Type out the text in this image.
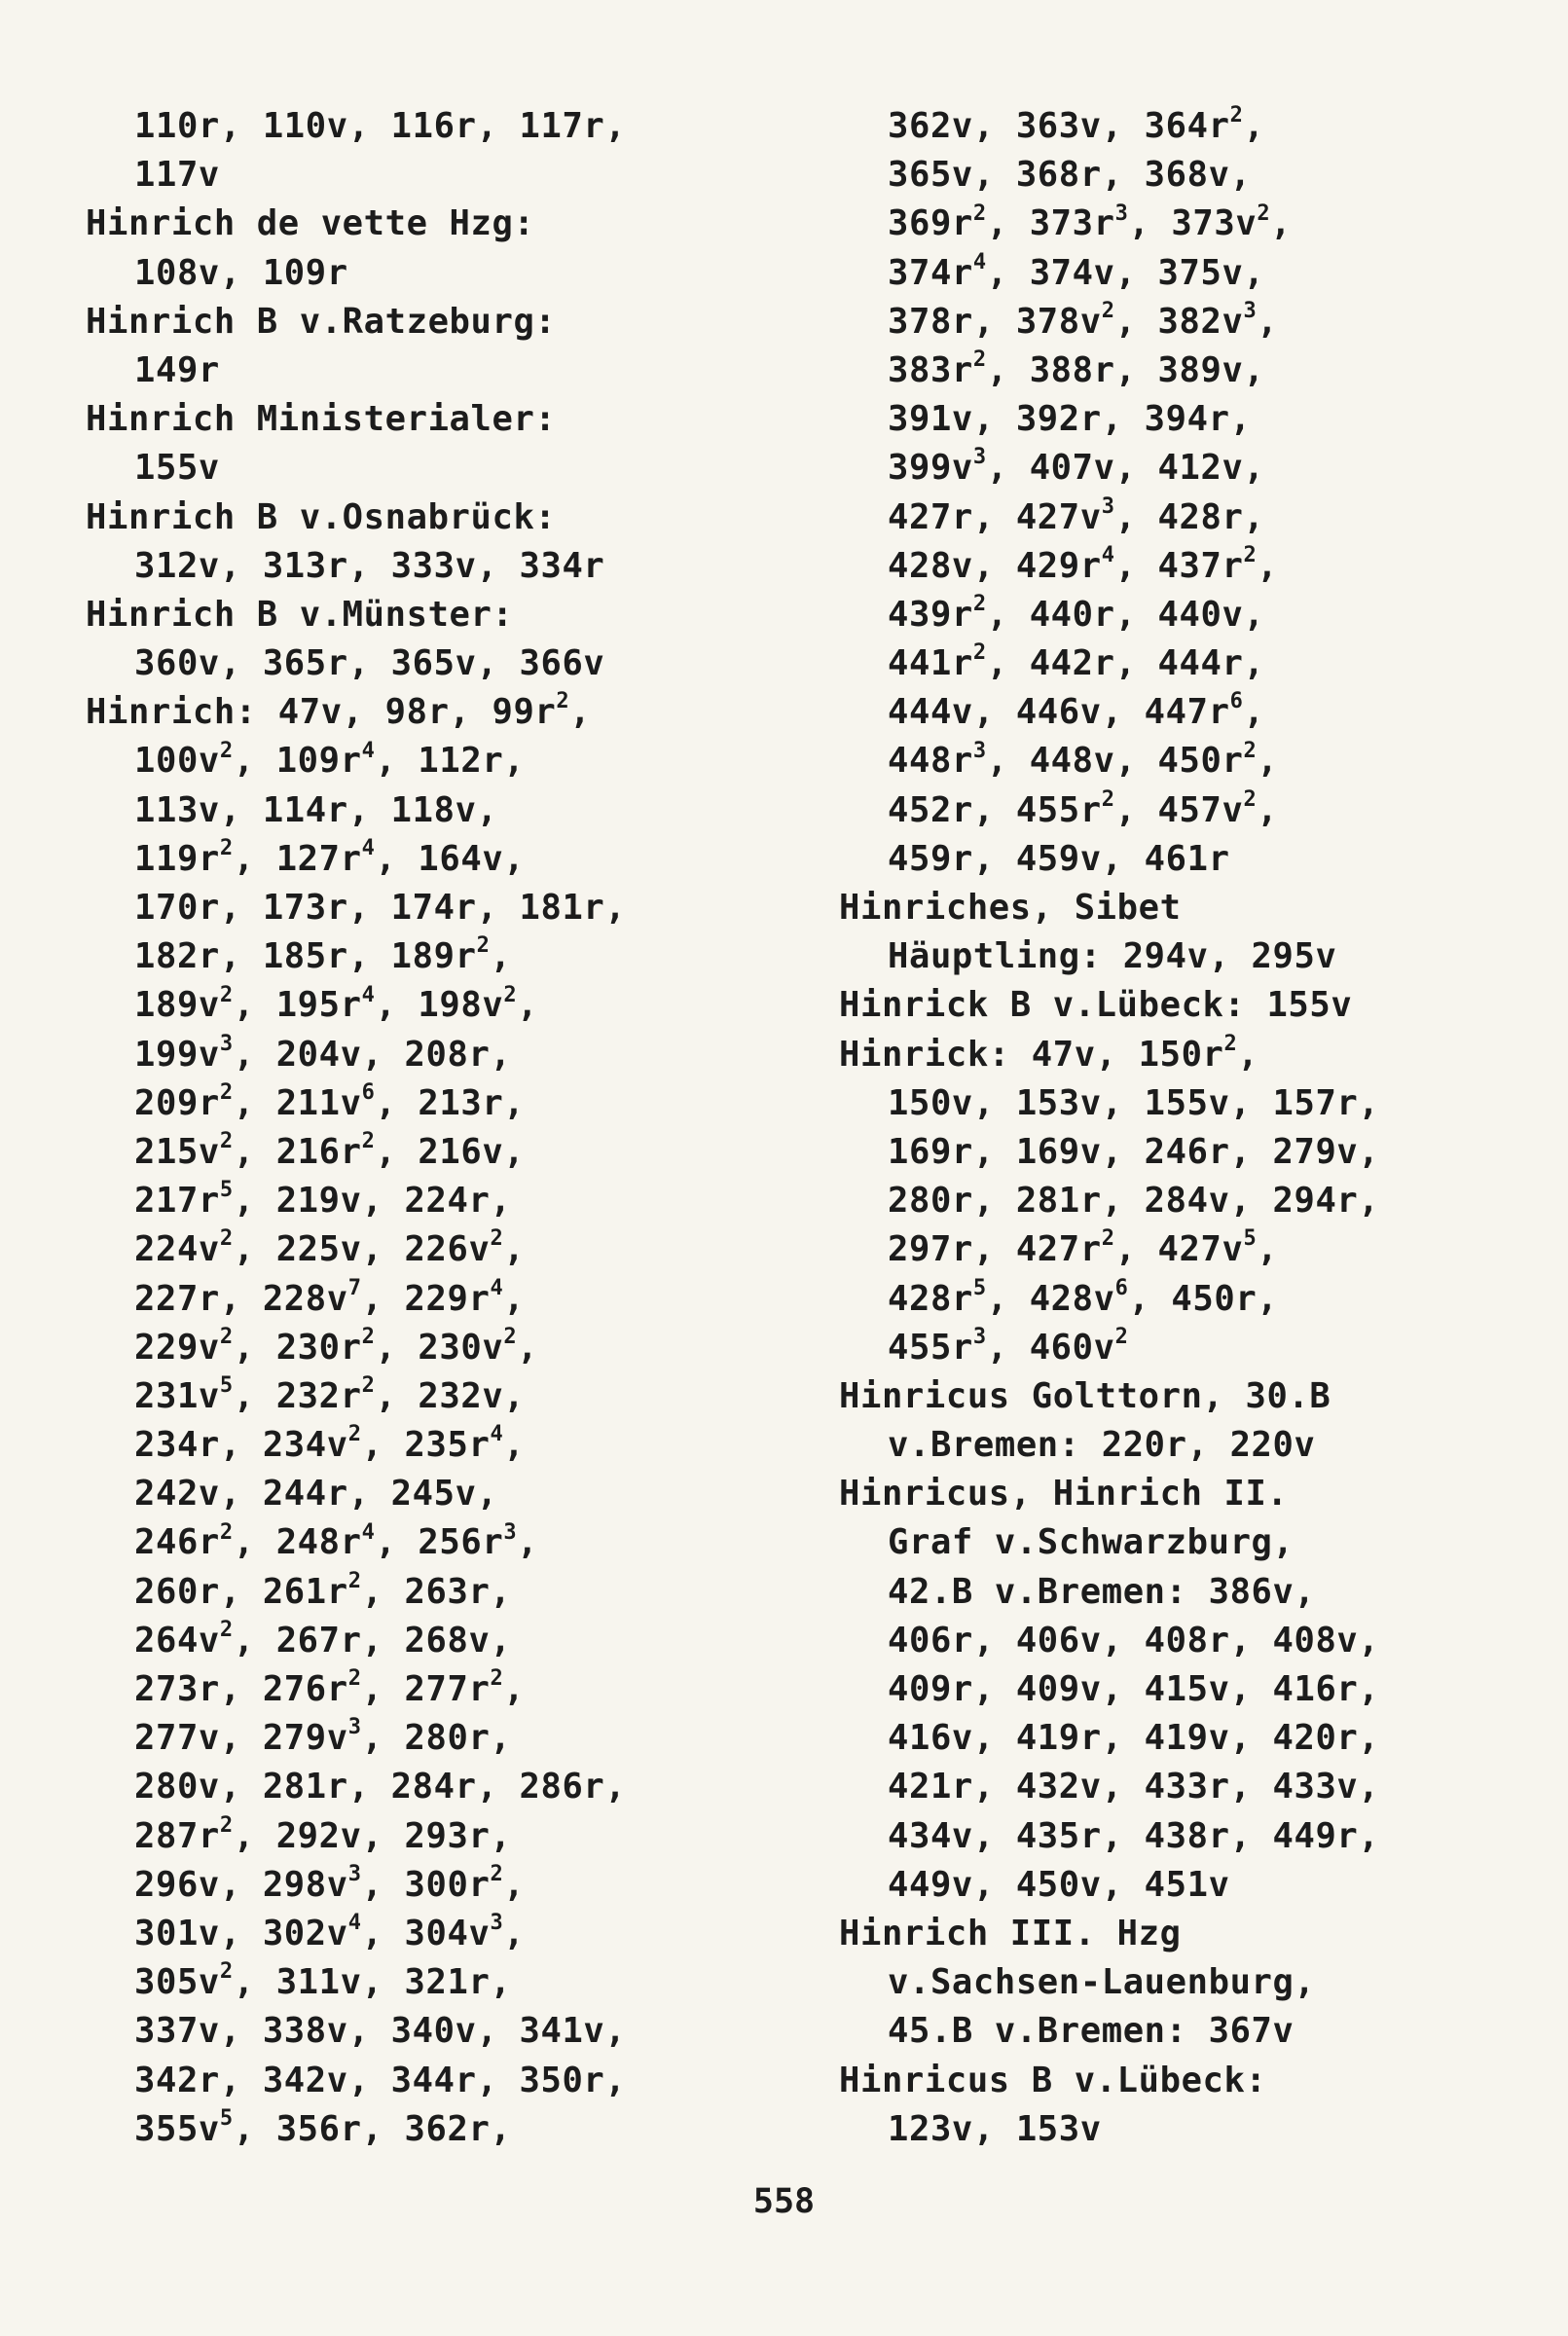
110r, 110v, 116r, 117r,
117v
Hinrich de vette Hzg:
108v, 109r
Hinrich B v.Ratzeburg:
149r
Hinrich Ministerialer:
155v
Hinrich B v.Osnabrück:
312v, 313r, 333v, 334r
Hinrich B v.Münster:
360v, 365r, 365v, 366v
Hinrich: 47v, 98r, $99r^2$,
$100v^2$, $109r^4$, 112r,
113v, 114r, 118v,
$119r^2$, $127r^4$, 164v,
170r, 173r, 174r, 181r,
182r, 185r, $189r^2$,
$189v^2$, $195r^4$, $198v^2$,
$199v^3$, 204v, 208r,
$209r^2$, $211v^6$, 213r,
$215v^2$, $216r^2$, 216v,
$217r^5$, 219v, 224r,
$224v^2$, 225v, $226v^2$,
227r, $228v^7$, $229r^4$,
$229v^2$, $230r^2$, $230v^2$,
$231v^5$, $232r^2$, 232v,
234r, $234v^2$, $235r^4$,
242v, 244r, 245v,
$246r^2$, $248r^4$, $256r^3$,
260r, $261r^2$, 263r,
$264v^2$, 267r, 268v,
273r, $276r^2$, $277r^2$,
277v, $279v^3$, 280r,
280v, 281r, 284r, 286r,
$287r^2$, 292v, 293r,
296v, $298v^3$, $300r^2$,
301v, $302v^4$, $304v^3$,
$305v^2$, 311v, 321r,
337v, 338v, 340v, 341v,
342r, 342v, 344r, 350r,
$355v^5$, 356r, 362r,
362v, 363v, $364r^2$,
365v, 368r, 368v,
$369r^2$, $373r^3$, $373v^2$,
$374r^4$, 374v, 375v,
378r, $378v^2$, $382v^3$,
$383r^2$, 388r, 389v,
391v, 392r, 394r,
$399v^3$, 407v, 412v,
427r, $427v^3$, 428r,
428v, $429r^4$, $437r^2$,
$439r^2$, 440r, 440v,
$441r^2$, 442r, 444r,
444v, 446v, $447r^6$,
$448r^3$, 448v, $450r^2$,
452r, $455r^2$, $457v^2$,
459r, 459v, 461r
Hinriches, Sibet
Häuptling: 294v, 295v
Hinrick B v.Lübeck: 155v
Hinrick: 47v, $150r^2$,
150v, 153v, 155v, 157r,
169r, 169v, 246r, 279v,
280r, 281r, 284v, 294r,
297r, $427r^2$, $427v^5$,
$428r^5$, $428v^6$, 450r,
$455r^3$, $460v^2$
Hinricus Golttorn, 30.B
v.Bremen: 220r, 220v
Hinricus, Hinrich II.
Graf v.Schwarzburg,
42.B v.Bremen: 386v,
406r, 406v, 408r, 408v,
409r, 409v, 415v, 416r,
416v, 419r, 419v, 420r,
421r, 432v, 433r, 433v,
434v, 435r, 438r, 449r,
449v, 450v, 451v
Hinrich III. Hzg
v.Sachsen-Lauenburg,
45.B v.Bremen: 367v
Hinricus B v.Lübeck:
123v, 153v
558
